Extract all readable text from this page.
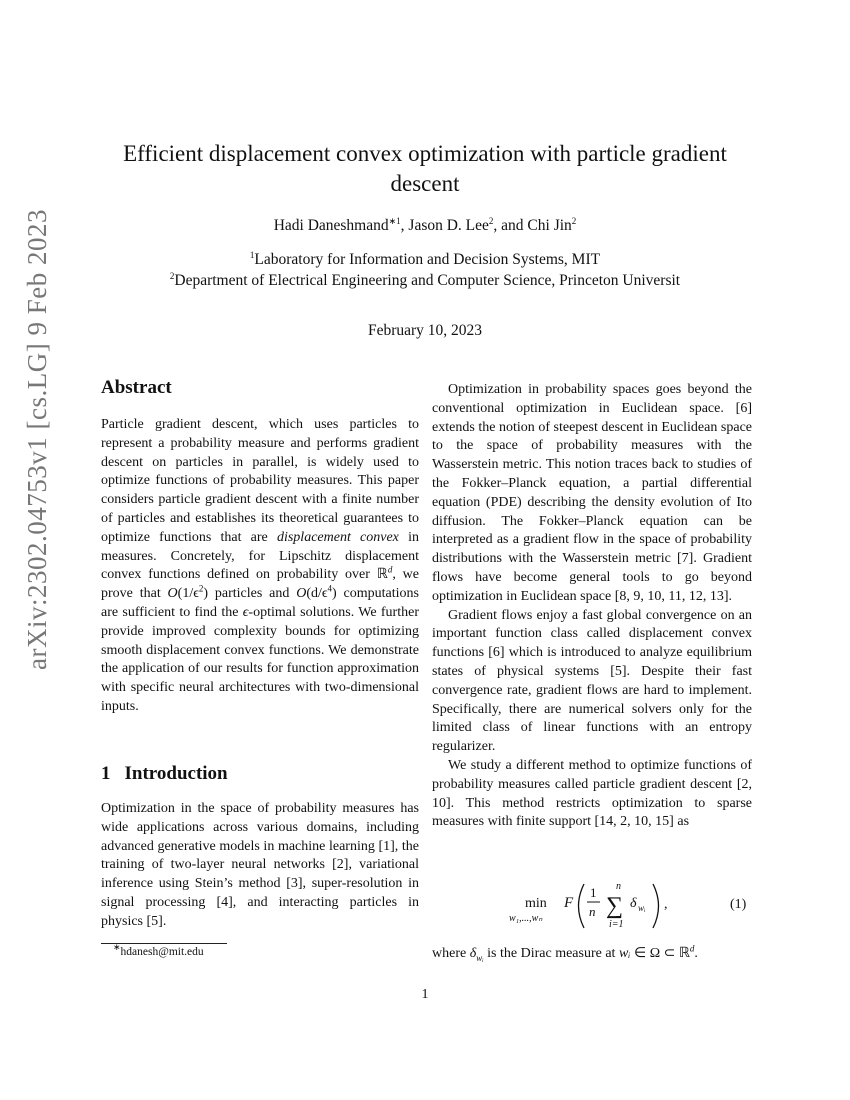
arXiv:2302.04753v1 [cs.LG] 9 Feb 2023
Efficient displacement convex optimization with particle gradient
descent
Hadi Daneshmand$^{∗1}$, Jason D. Lee$^2$, and Chi Jin$^2$
$^1$Laboratory for Information and Decision Systems, MIT
$^2$Department of Electrical Engineering and Computer Science, Princeton Universit
February 10, 2023
Abstract

Particle gradient descent, which uses particles to represent a probability measure and performs gradient descent on particles in parallel, is widely used to optimize functions of probability measures. This paper considers particle gradient descent with a finite number of particles and establishes its theoretical guarantees to optimize functions that are displacement convex in measures. Concretely, for Lipschitz displacement convex functions defined on probability over ℝ$^d$, we prove that $O(1/\epsilon^2)$ particles and $O(d/\epsilon^4)$ computations are sufficient to find the ϵ-optimal solutions. We further provide improved complexity bounds for optimizing smooth displacement convex functions. We demonstrate the application of our results for function approximation with specific neural architectures with two-dimensional inputs.

1 Introduction

Optimization in the space of probability measures has wide applications across various domains, including advanced generative models in machine learning [1], the training of two-layer neural networks [2], variational inference using Stein’s method [3], super-resolution in signal processing [4], and interacting particles in physics [5].

∗hdanesh@mit.edu

Optimization in probability spaces goes beyond the conventional optimization in Euclidean space. [6] extends the notion of steepest descent in Euclidean space to the space of probability measures with the Wasserstein metric. This notion traces back to studies of the Fokker–Planck equation, a partial differential equation (PDE) describing the density evolution of Ito diffusion. The Fokker–Planck equation can be interpreted as a gradient flow in the space of probability distributions with the Wasserstein metric [7]. Gradient flows have become general tools to go beyond optimization in Euclidean space [8, 9, 10, 11, 12, 13].

Gradient flows enjoy a fast global convergence on an important function class called displacement convex functions [6] which is introduced to analyze equilibrium states of physical systems [5]. Despite their fast convergence rate, gradient flows are hard to implement. Specifically, there are numerical solvers only for the limited class of linear functions with an entropy regularizer.

We study a different method to optimize functions of probability measures called particle gradient descent [2, 10]. This method restricts optimization to sparse measures with finite support [14, 2, 10, 15] as

min
w₁,...,wₙ
F
1
n
n
∑
i=1
δ wᵢ ,	(1)

where $\delta_{wᵢ}$ is the Dirac measure at wᵢ ∈ Ω ⊂ ℝ$^d$.

1
